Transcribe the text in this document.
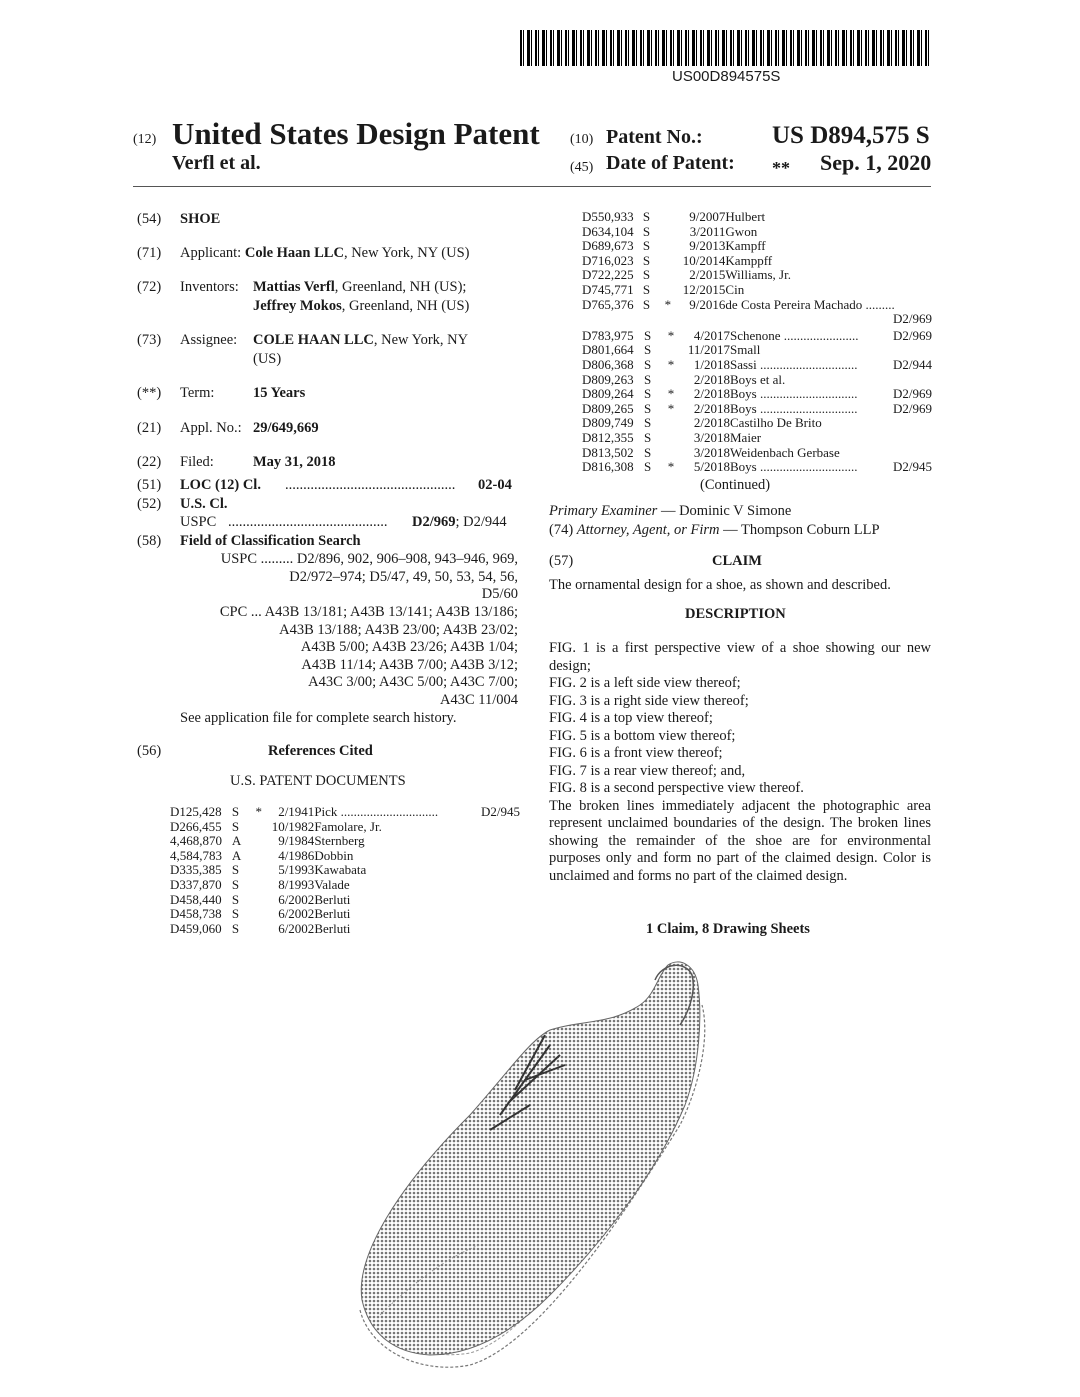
US00D894575S
(12) United States Design Patent
Verfl et al.
(10) Patent No.:	US D894,575 S
(45) Date of Patent: ** Sep. 1, 2020
(54) SHOE
(71) Applicant: Cole Haan LLC, New York, NY (US)
(72) Inventors: Mattias Verfl, Greenland, NH (US);
Jeffrey Mokos, Greenland, NH (US)
(73) Assignee: COLE HAAN LLC, New York, NY
(US)
(**) Term:	15 Years
(21) Appl. No.: 29/649,669
(22) Filed:	May 31, 2018
(51) LOC (12) Cl. ...............................................	02-04
(52) U.S. Cl.
USPC ............................................	D2/969; D2/944
(58) Field of Classification Search
USPC ......... D2/896, 902, 906–908, 943–946, 969,
D2/972–974; D5/47, 49, 50, 53, 54, 56,
D5/60
CPC ... A43B 13/181; A43B 13/141; A43B 13/186;
A43B 13/188; A43B 23/00; A43B 23/02;
A43B 5/00; A43B 23/26; A43B 1/04;
A43B 11/14; A43B 7/00; A43B 3/12;
A43C 3/00; A43C 5/00; A43C 7/00;
A43C 11/004
See application file for complete search history.
(56)	References Cited
U.S. PATENT DOCUMENTS
D125,428	S	*	2/1941	Pick ..............................	D2/945
D266,455	S		10/1982	Famolare, Jr.	
4,468,870	A		9/1984	Sternberg	
4,584,783	A		4/1986	Dobbin	
D335,385	S		5/1993	Kawabata	
D337,870	S		8/1993	Valade	
D458,440	S		6/2002	Berluti	
D458,738	S		6/2002	Berluti	
D459,060	S		6/2002	Berluti	
D550,933	S		9/2007	Hulbert	
D634,104	S		3/2011	Gwon	
D689,673	S		9/2013	Kampff	
D716,023	S		10/2014	Kamppff	
D722,225	S		2/2015	Williams, Jr.	
D745,771	S		12/2015	Cin	
D765,376	S	*	9/2016	de Costa Pereira Machado .........	
D2/969
D783,975	S	*	4/2017	Schenone .......................	D2/969
D801,664	S		11/2017	Small	
D806,368	S	*	1/2018	Sassi ..............................	D2/944
D809,263	S		2/2018	Boys et al.	
D809,264	S	*	2/2018	Boys ..............................	D2/969
D809,265	S	*	2/2018	Boys ..............................	D2/969
D809,749	S		2/2018	Castilho De Brito	
D812,355	S		3/2018	Maier	
D813,502	S		3/2018	Weidenbach Gerbase	
D816,308	S	*	5/2018	Boys ..............................	D2/945
(Continued)
Primary Examiner — Dominic V Simone
(74) Attorney, Agent, or Firm — Thompson Coburn LLP
(57)	CLAIM
The ornamental design for a shoe, as shown and described.
DESCRIPTION
FIG. 1 is a first perspective view of a shoe showing our new design;
FIG. 2 is a left side view thereof;
FIG. 3 is a right side view thereof;
FIG. 4 is a top view thereof;
FIG. 5 is a bottom view thereof;
FIG. 6 is a front view thereof;
FIG. 7 is a rear view thereof; and,
FIG. 8 is a second perspective view thereof.
The broken lines immediately adjacent the photographic area represent unclaimed boundaries of the design. The broken lines showing the remainder of the shoe are for environmental purposes only and form no part of the claimed design. Color is unclaimed and forms no part of the claimed design.
1 Claim, 8 Drawing Sheets
